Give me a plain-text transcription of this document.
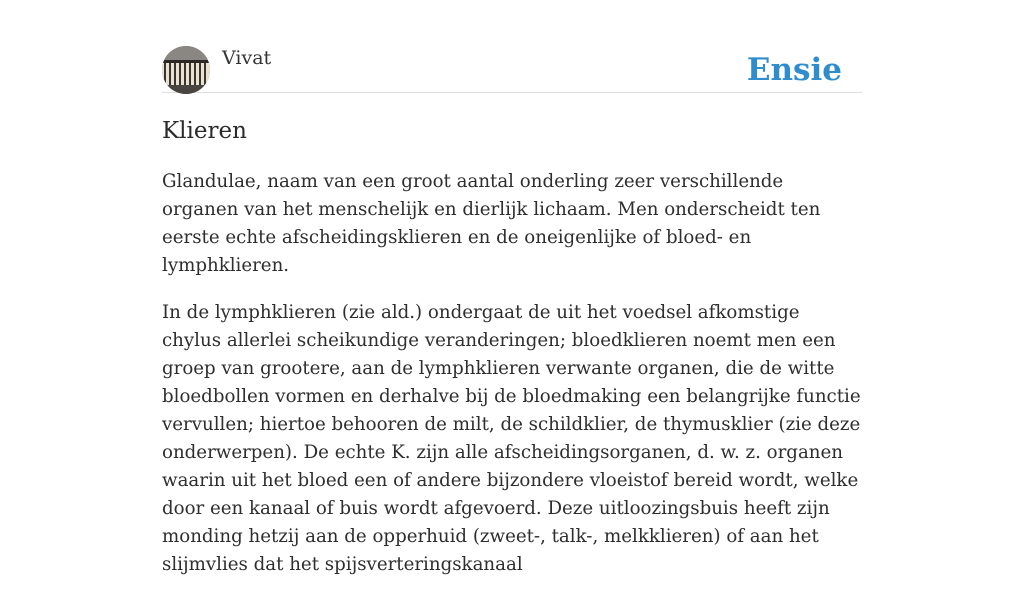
Vivat	Ensie
Klieren

Glandulae, naam van een groot aantal onderling zeer verschillende organen van het menschelijk en dierlijk lichaam. Men onderscheidt ten eerste echte afscheidingsklieren en de oneigenlijke of bloed- en lymphklieren.

In de lymphklieren (zie ald.) ondergaat de uit het voedsel afkomstige chylus allerlei scheikundige veranderingen; bloedklieren noemt men een groep van grootere, aan de lymphklieren verwante organen, die de witte bloedbollen vormen en derhalve bij de bloedmaking een belangrijke functie vervullen; hiertoe behooren de milt, de schildklier, de thymusklier (zie deze onderwerpen). De echte K. zijn alle afscheidingsorganen, d. w. z. organen waarin uit het bloed een of andere bijzondere vloeistof bereid wordt, welke door een kanaal of buis wordt afgevoerd. Deze uitloozingsbuis heeft zijn monding hetzij aan de opperhuid (zweet-, talk-, melkklieren) of aan het slijmvlies dat het spijsverteringskanaal
